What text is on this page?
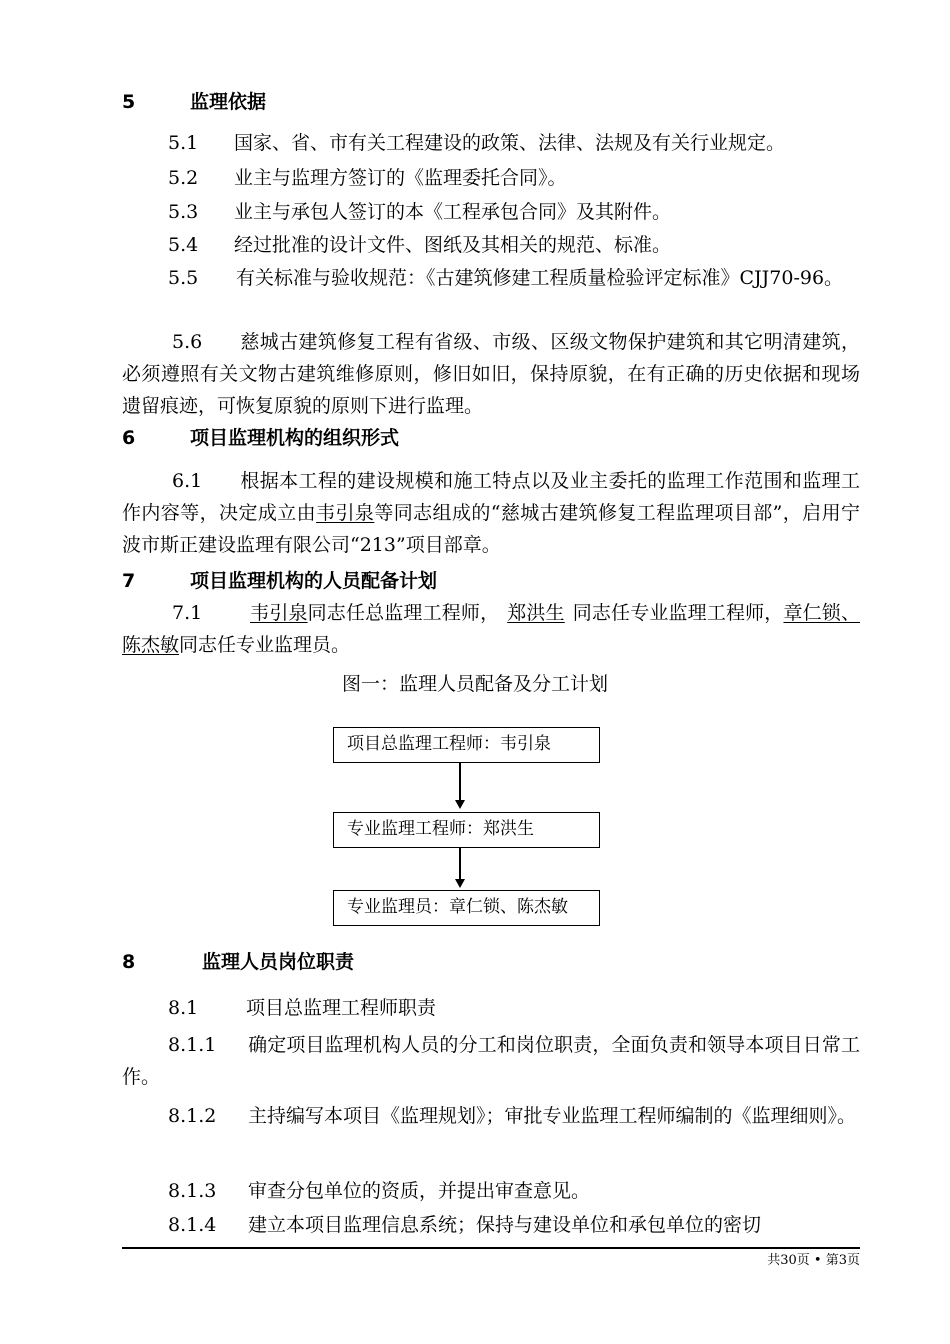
5	监理依据
5.1 国家、省、市有关工程建设的政策、法律、法规及有关行业规定。
5.2 业主与监理方签订的《监理委托合同》。
5.3 业主与承包人签订的本《工程承包合同》及其附件。
5.4 经过批准的设计文件、图纸及其相关的规范、标准。
5.5 有关标准与验收规范：《古建筑修建工程质量检验评定标准》CJJ70-96。
5.6 慈城古建筑修复工程有省级、市级、区级文物保护建筑和其它明清建筑，必须遵照有关文物古建筑维修原则，修旧如旧，保持原貌，在有正确的历史依据和现场遗留痕迹，可恢复原貌的原则下进行监理。
6	项目监理机构的组织形式
6.1 根据本工程的建设规模和施工特点以及业主委托的监理工作范围和监理工作内容等，决定成立由韦引泉等同志组成的“慈城古建筑修复工程监理项目部”，启用宁波市斯正建设监理有限公司“213”项目部章。
7	项目监理机构的人员配备计划
7.1	韦引泉同志任总监理工程师， 郑洪生 同志任专业监理工程师，章仁锁、陈杰敏同志任专业监理员。
图一：监理人员配备及分工计划
项目总监理工程师：韦引泉
专业监理工程师：郑洪生
专业监理员：章仁锁、陈杰敏
8	监理人员岗位职责
8.1	项目总监理工程师职责
8.1.1 确定项目监理机构人员的分工和岗位职责，全面负责和领导本项目日常工作。
8.1.2 主持编写本项目《监理规划》；审批专业监理工程师编制的《监理细则》。
8.1.3 审查分包单位的资质，并提出审查意见。
8.1.4 建立本项目监理信息系统；保持与建设单位和承包单位的密切
共30页 • 第3页
